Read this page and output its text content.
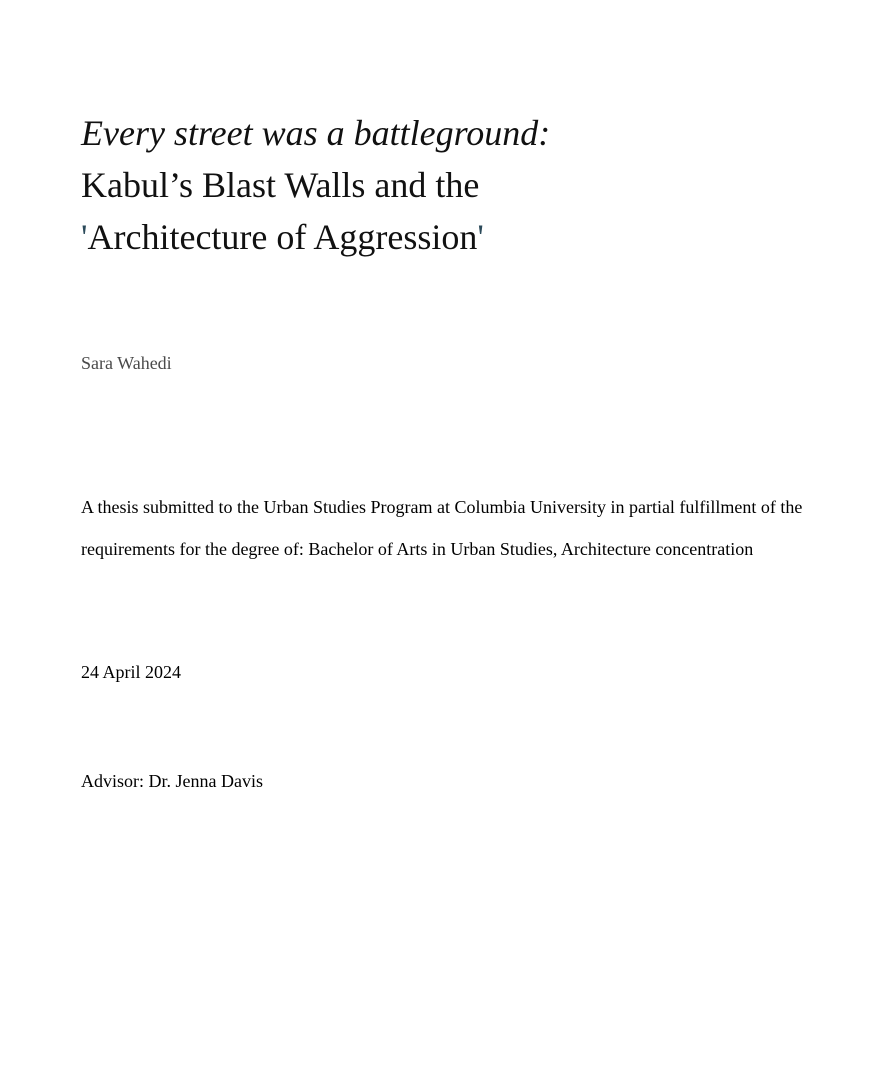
Every street was a battleground:
Kabul’s Blast Walls and the
'Architecture of Aggression'
Sara Wahedi
A thesis submitted to the Urban Studies Program at Columbia University in partial fulfillment of the requirements for the degree of: Bachelor of Arts in Urban Studies, Architecture concentration
24 April 2024
Advisor: Dr. Jenna Davis
